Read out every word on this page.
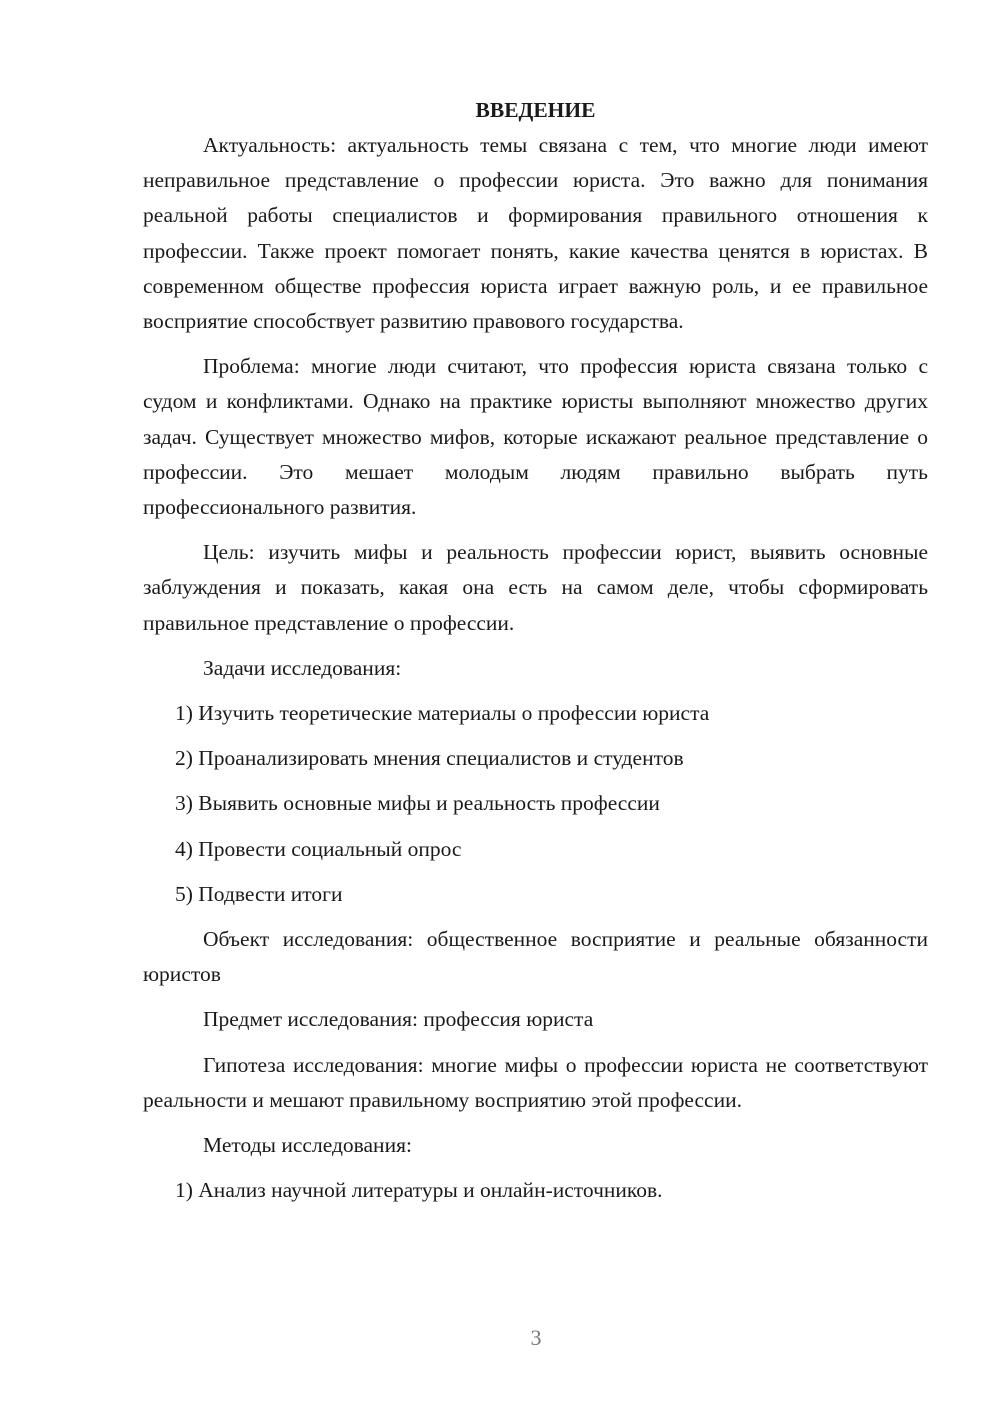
ВВЕДЕНИЕ

Актуальность: актуальность темы связана с тем, что многие люди имеют неправильное представление о профессии юриста. Это важно для понимания реальной работы специалистов и формирования правильного отношения к профессии. Также проект помогает понять, какие качества ценятся в юристах. В современном обществе профессия юриста играет важную роль, и ее правильное восприятие способствует развитию правового государства.

Проблема: многие люди считают, что профессия юриста связана только с судом и конфликтами. Однако на практике юристы выполняют множество других задач. Существует множество мифов, которые искажают реальное представление о профессии. Это мешает молодым людям правильно выбрать путь профессионального развития.

Цель: изучить мифы и реальность профессии юрист, выявить основные заблуждения и показать, какая она есть на самом деле, чтобы сформировать правильное представление о профессии.

Задачи исследования:

1) Изучить теоретические материалы о профессии юриста

2) Проанализировать мнения специалистов и студентов

3) Выявить основные мифы и реальность профессии

4) Провести социальный опрос

5) Подвести итоги

Объект исследования: общественное восприятие и реальные обязанности юристов

Предмет исследования: профессия юриста

Гипотеза исследования: многие мифы о профессии юриста не соответствуют реальности и мешают правильному восприятию этой профессии.

Методы исследования:

1) Анализ научной литературы и онлайн-источников.

3
